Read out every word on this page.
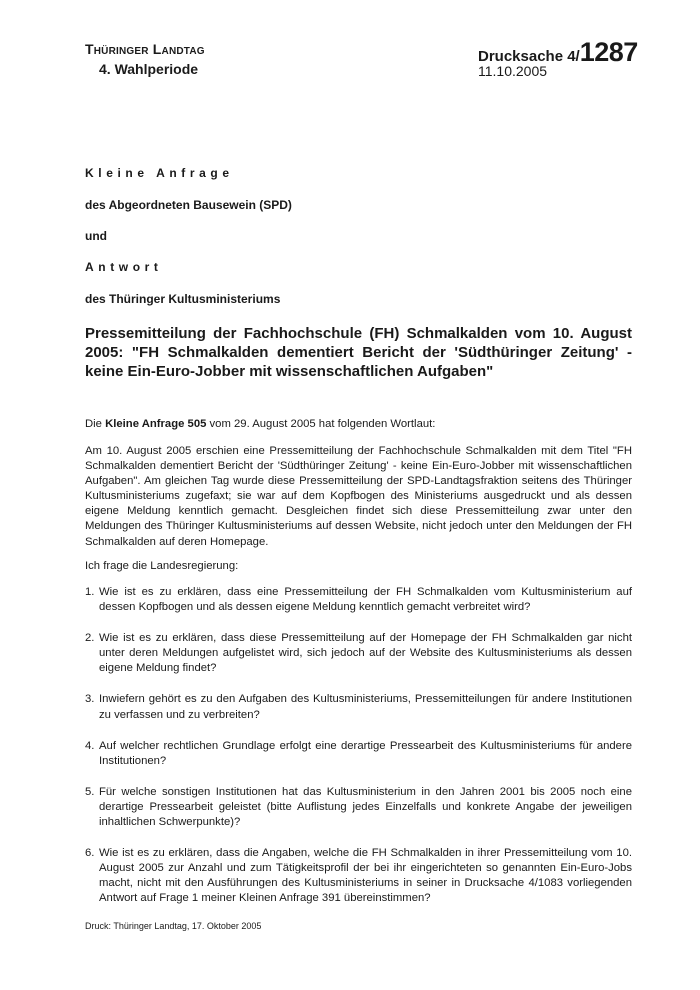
Thüringer Landtag
4. Wahlperiode
Drucksache 4/1287
11.10.2005
Kleine Anfrage
des Abgeordneten Bausewein (SPD)
und
Antwort
des Thüringer Kultusministeriums
Pressemitteilung der Fachhochschule (FH) Schmalkalden vom 10. August 2005: "FH Schmalkalden dementiert Bericht der 'Südthüringer Zeitung' - keine Ein-Euro-Jobber mit wissenschaftlichen Aufgaben"
Die Kleine Anfrage 505 vom 29. August 2005 hat folgenden Wortlaut:
Am 10. August 2005 erschien eine Pressemitteilung der Fachhochschule Schmalkalden mit dem Titel "FH Schmalkalden dementiert Bericht der 'Südthüringer Zeitung' - keine Ein-Euro-Jobber mit wissenschaftlichen Aufgaben". Am gleichen Tag wurde diese Pressemitteilung der SPD-Landtagsfraktion seitens des Thüringer Kultusministeriums zugefaxt; sie war auf dem Kopfbogen des Ministeriums ausgedruckt und als dessen eigene Meldung kenntlich gemacht. Desgleichen findet sich diese Pressemitteilung zwar unter den Meldungen des Thüringer Kultusministeriums auf dessen Website, nicht jedoch unter den Meldungen der FH Schmalkalden auf deren Homepage.
Ich frage die Landesregierung:
1. Wie ist es zu erklären, dass eine Pressemitteilung der FH Schmalkalden vom Kultusministerium auf dessen Kopfbogen und als dessen eigene Meldung kenntlich gemacht verbreitet wird?
2. Wie ist es zu erklären, dass diese Pressemitteilung auf der Homepage der FH Schmalkalden gar nicht unter deren Meldungen aufgelistet wird, sich jedoch auf der Website des Kultusministeriums als dessen eigene Meldung findet?
3. Inwiefern gehört es zu den Aufgaben des Kultusministeriums, Pressemitteilungen für andere Institutionen zu verfassen und zu verbreiten?
4. Auf welcher rechtlichen Grundlage erfolgt eine derartige Pressearbeit des Kultusministeriums für andere Institutionen?
5. Für welche sonstigen Institutionen hat das Kultusministerium in den Jahren 2001 bis 2005 noch eine derartige Pressearbeit geleistet (bitte Auflistung jedes Einzelfalls und konkrete Angabe der jeweiligen inhaltlichen Schwerpunkte)?
6. Wie ist es zu erklären, dass die Angaben, welche die FH Schmalkalden in ihrer Pressemitteilung vom 10. August 2005 zur Anzahl und zum Tätigkeitsprofil der bei ihr eingerichteten so genannten Ein-Euro-Jobs macht, nicht mit den Ausführungen des Kultusministeriums in seiner in Drucksache 4/1083 vorliegenden Antwort auf Frage 1 meiner Kleinen Anfrage 391 übereinstimmen?
Druck: Thüringer Landtag, 17. Oktober 2005
